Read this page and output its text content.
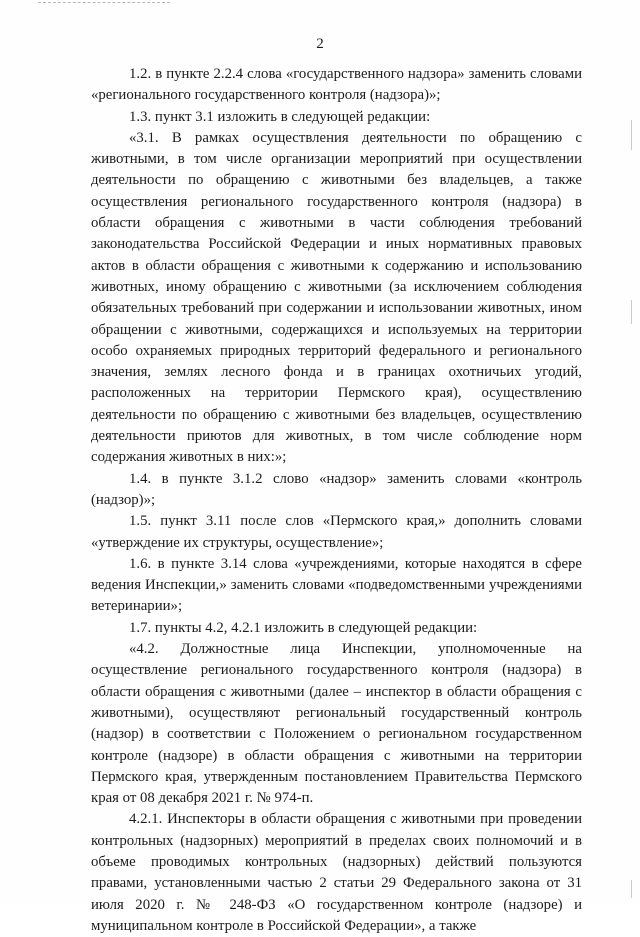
2

1.2. в пункте 2.2.4 слова «государственного надзора» заменить словами «регионального государственного контроля (надзора)»;

1.3. пункт 3.1 изложить в следующей редакции:

«3.1. В рамках осуществления деятельности по обращению с животными, в том числе организации мероприятий при осуществлении деятельности по обращению с животными без владельцев, а также осуществления регионального государственного контроля (надзора) в области обращения с животными в части соблюдения требований законодательства Российской Федерации и иных нормативных правовых актов в области обращения с животными к содержанию и использованию животных, иному обращению с животными (за исключением соблюдения обязательных требований при содержании и использовании животных, ином обращении с животными, содержащихся и используемых на территории особо охраняемых природных территорий федерального и регионального значения, землях лесного фонда и в границах охотничьих угодий, расположенных на территории Пермского края), осуществлению деятельности по обращению с животными без владельцев, осуществлению деятельности приютов для животных, в том числе соблюдение норм содержания животных в них:»;

1.4. в пункте 3.1.2 слово «надзор» заменить словами «контроль (надзор)»;

1.5. пункт 3.11 после слов «Пермского края,» дополнить словами «утверждение их структуры, осуществление»;

1.6. в пункте 3.14 слова «учреждениями, которые находятся в сфере ведения Инспекции,» заменить словами «подведомственными учреждениями ветеринарии»;

1.7. пункты 4.2, 4.2.1 изложить в следующей редакции:

«4.2. Должностные лица Инспекции, уполномоченные на осуществление регионального государственного контроля (надзора) в области обращения с животными (далее – инспектор в области обращения с животными), осуществляют региональный государственный контроль (надзор) в соответствии с Положением о региональном государственном контроле (надзоре) в области обращения с животными на территории Пермского края, утвержденным постановлением Правительства Пермского края от 08 декабря 2021 г. № 974-п.

4.2.1. Инспекторы в области обращения с животными при проведении контрольных (надзорных) мероприятий в пределах своих полномочий и в объеме проводимых контрольных (надзорных) действий пользуются правами, установленными частью 2 статьи 29 Федерального закона от 31 июля 2020 г. № 248-ФЗ «О государственном контроле (надзоре) и муниципальном контроле в Российской Федерации», а также
